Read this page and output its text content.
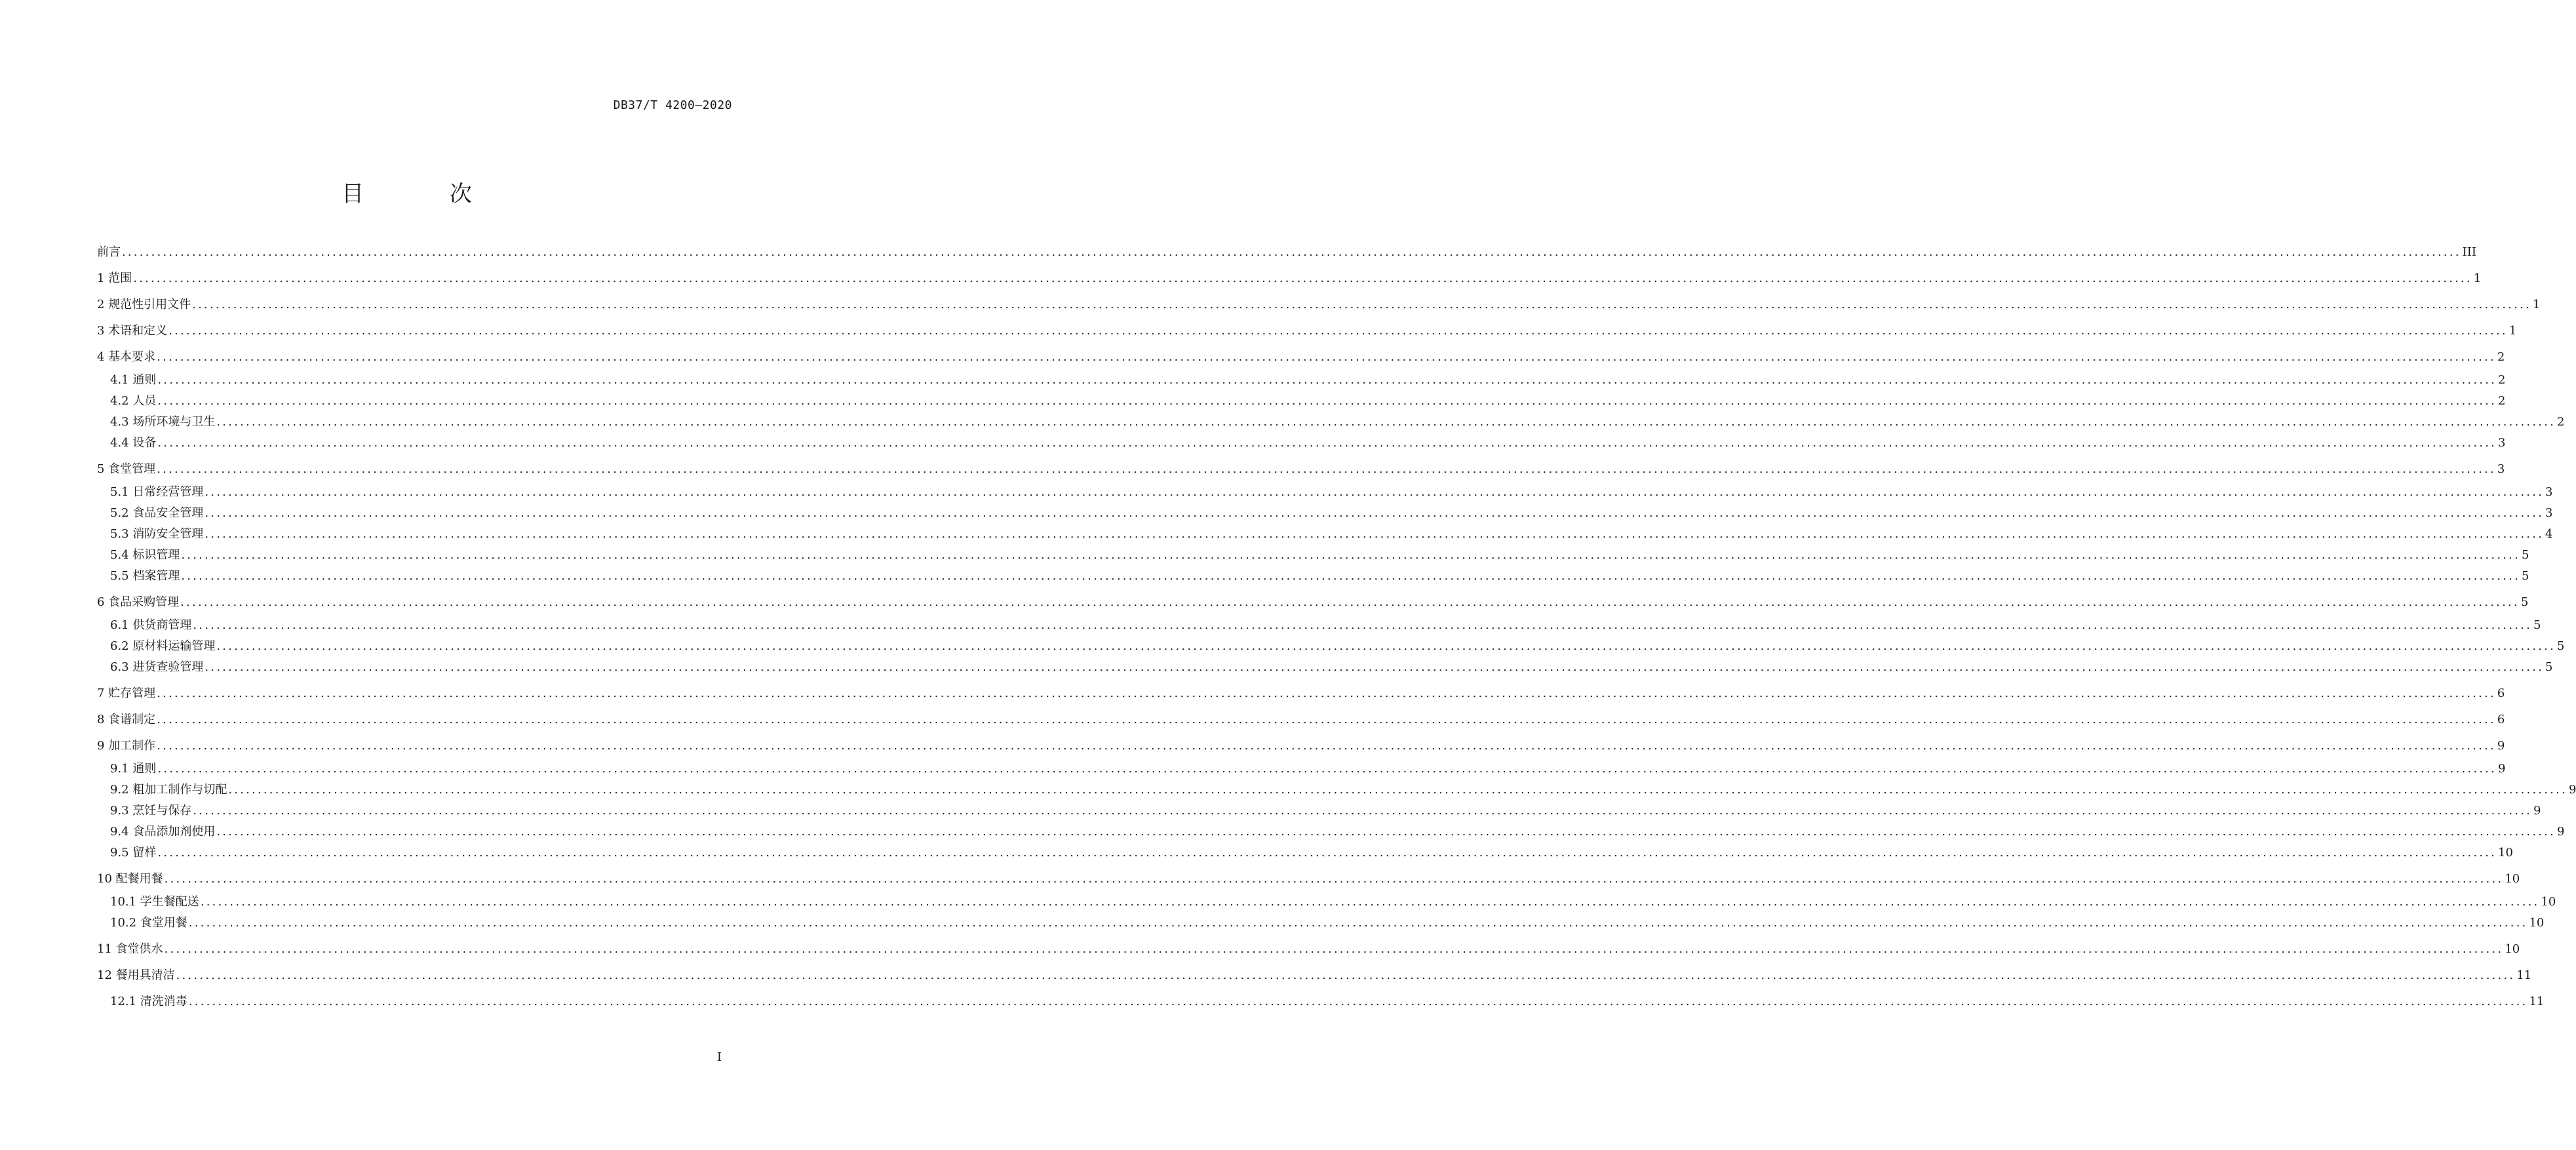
DB37/T 4200—2020
目 次
前言 ................................................................................................................................................................................................................................................................................................................................................................................................................ III
1 范围 ................................................................................................................................................................................................................................................................................................................................................................................................................ 1
2 规范性引用文件 ................................................................................................................................................................................................................................................................................................................................................................................................................ 1
3 术语和定义 ................................................................................................................................................................................................................................................................................................................................................................................................................ 1
4 基本要求 ................................................................................................................................................................................................................................................................................................................................................................................................................ 2
4.1 通则 ................................................................................................................................................................................................................................................................................................................................................................................................................ 2
4.2 人员 ................................................................................................................................................................................................................................................................................................................................................................................................................ 2
4.3 场所环境与卫生 ................................................................................................................................................................................................................................................................................................................................................................................................................ 2
4.4 设备 ................................................................................................................................................................................................................................................................................................................................................................................................................ 3
5 食堂管理 ................................................................................................................................................................................................................................................................................................................................................................................................................ 3
5.1 日常经营管理 ................................................................................................................................................................................................................................................................................................................................................................................................................ 3
5.2 食品安全管理 ................................................................................................................................................................................................................................................................................................................................................................................................................ 3
5.3 消防安全管理 ................................................................................................................................................................................................................................................................................................................................................................................................................ 4
5.4 标识管理 ................................................................................................................................................................................................................................................................................................................................................................................................................ 5
5.5 档案管理 ................................................................................................................................................................................................................................................................................................................................................................................................................ 5
6 食品采购管理 ................................................................................................................................................................................................................................................................................................................................................................................................................ 5
6.1 供货商管理 ................................................................................................................................................................................................................................................................................................................................................................................................................ 5
6.2 原材料运输管理 ................................................................................................................................................................................................................................................................................................................................................................................................................ 5
6.3 进货查验管理 ................................................................................................................................................................................................................................................................................................................................................................................................................ 5
7 贮存管理 ................................................................................................................................................................................................................................................................................................................................................................................................................ 6
8 食谱制定 ................................................................................................................................................................................................................................................................................................................................................................................................................ 6
9 加工制作 ................................................................................................................................................................................................................................................................................................................................................................................................................ 9
9.1 通则 ................................................................................................................................................................................................................................................................................................................................................................................................................ 9
9.2 粗加工制作与切配 ................................................................................................................................................................................................................................................................................................................................................................................................................ 9
9.3 烹饪与保存 ................................................................................................................................................................................................................................................................................................................................................................................................................ 9
9.4 食品添加剂使用 ................................................................................................................................................................................................................................................................................................................................................................................................................ 9
9.5 留样 ................................................................................................................................................................................................................................................................................................................................................................................................................ 10
10 配餐用餐 ................................................................................................................................................................................................................................................................................................................................................................................................................ 10
10.1 学生餐配送 ................................................................................................................................................................................................................................................................................................................................................................................................................ 10
10.2 食堂用餐 ................................................................................................................................................................................................................................................................................................................................................................................................................ 10
11 食堂供水 ................................................................................................................................................................................................................................................................................................................................................................................................................ 10
12 餐用具清洁 ................................................................................................................................................................................................................................................................................................................................................................................................................ 11
12.1 清洗消毒 ................................................................................................................................................................................................................................................................................................................................................................................................................ 11
I
